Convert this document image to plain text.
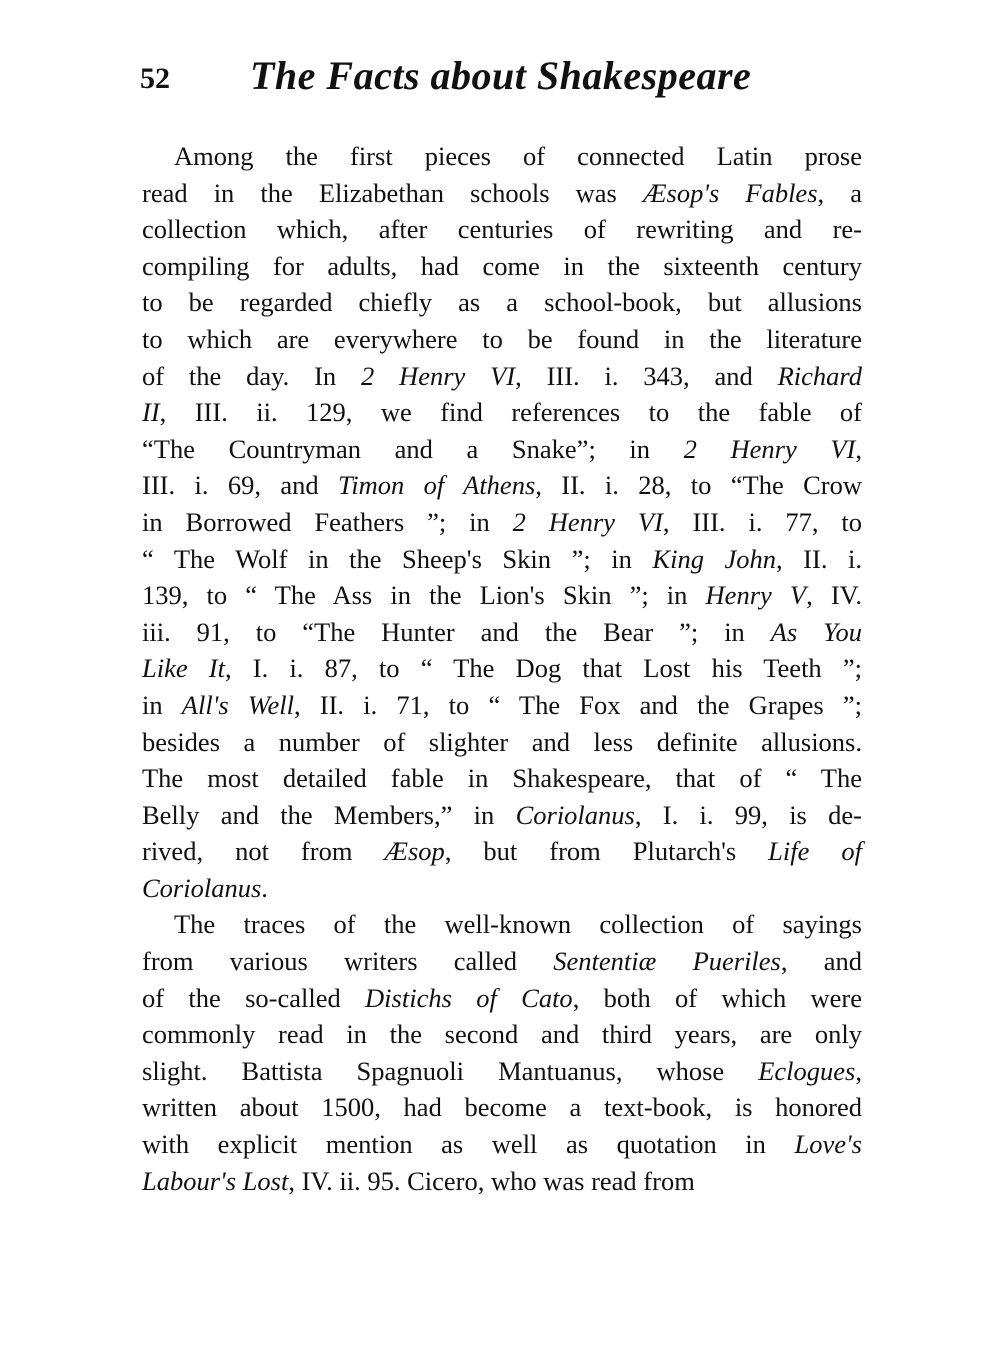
52 The Facts about Shakespeare
Among the first pieces of connected Latin prose
read in the Elizabethan schools was Æsop's Fables, a
collection which, after centuries of rewriting and re-
compiling for adults, had come in the sixteenth century
to be regarded chiefly as a school-book, but allusions
to which are everywhere to be found in the literature
of the day. In 2 Henry VI, III. i. 343, and Richard
II, III. ii. 129, we find references to the fable of
“The Countryman and a Snake”; in 2 Henry VI,
III. i. 69, and Timon of Athens, II. i. 28, to “The Crow
in Borrowed Feathers ”; in 2 Henry VI, III. i. 77, to
“ The Wolf in the Sheep's Skin ”; in King John, II. i.
139, to “ The Ass in the Lion's Skin ”; in Henry V, IV.
iii. 91, to “The Hunter and the Bear ”; in As You
Like It, I. i. 87, to “ The Dog that Lost his Teeth ”;
in All's Well, II. i. 71, to “ The Fox and the Grapes ”;
besides a number of slighter and less definite allusions.
The most detailed fable in Shakespeare, that of “ The
Belly and the Members,” in Coriolanus, I. i. 99, is de-
rived, not from Æsop, but from Plutarch's Life of
Coriolanus.
The traces of the well-known collection of sayings
from various writers called Sententiæ Pueriles, and
of the so-called Distichs of Cato, both of which were
commonly read in the second and third years, are only
slight. Battista Spagnuoli Mantuanus, whose Eclogues,
written about 1500, had become a text-book, is honored
with explicit mention as well as quotation in Love's
Labour's Lost, IV. ii. 95. Cicero, who was read from
